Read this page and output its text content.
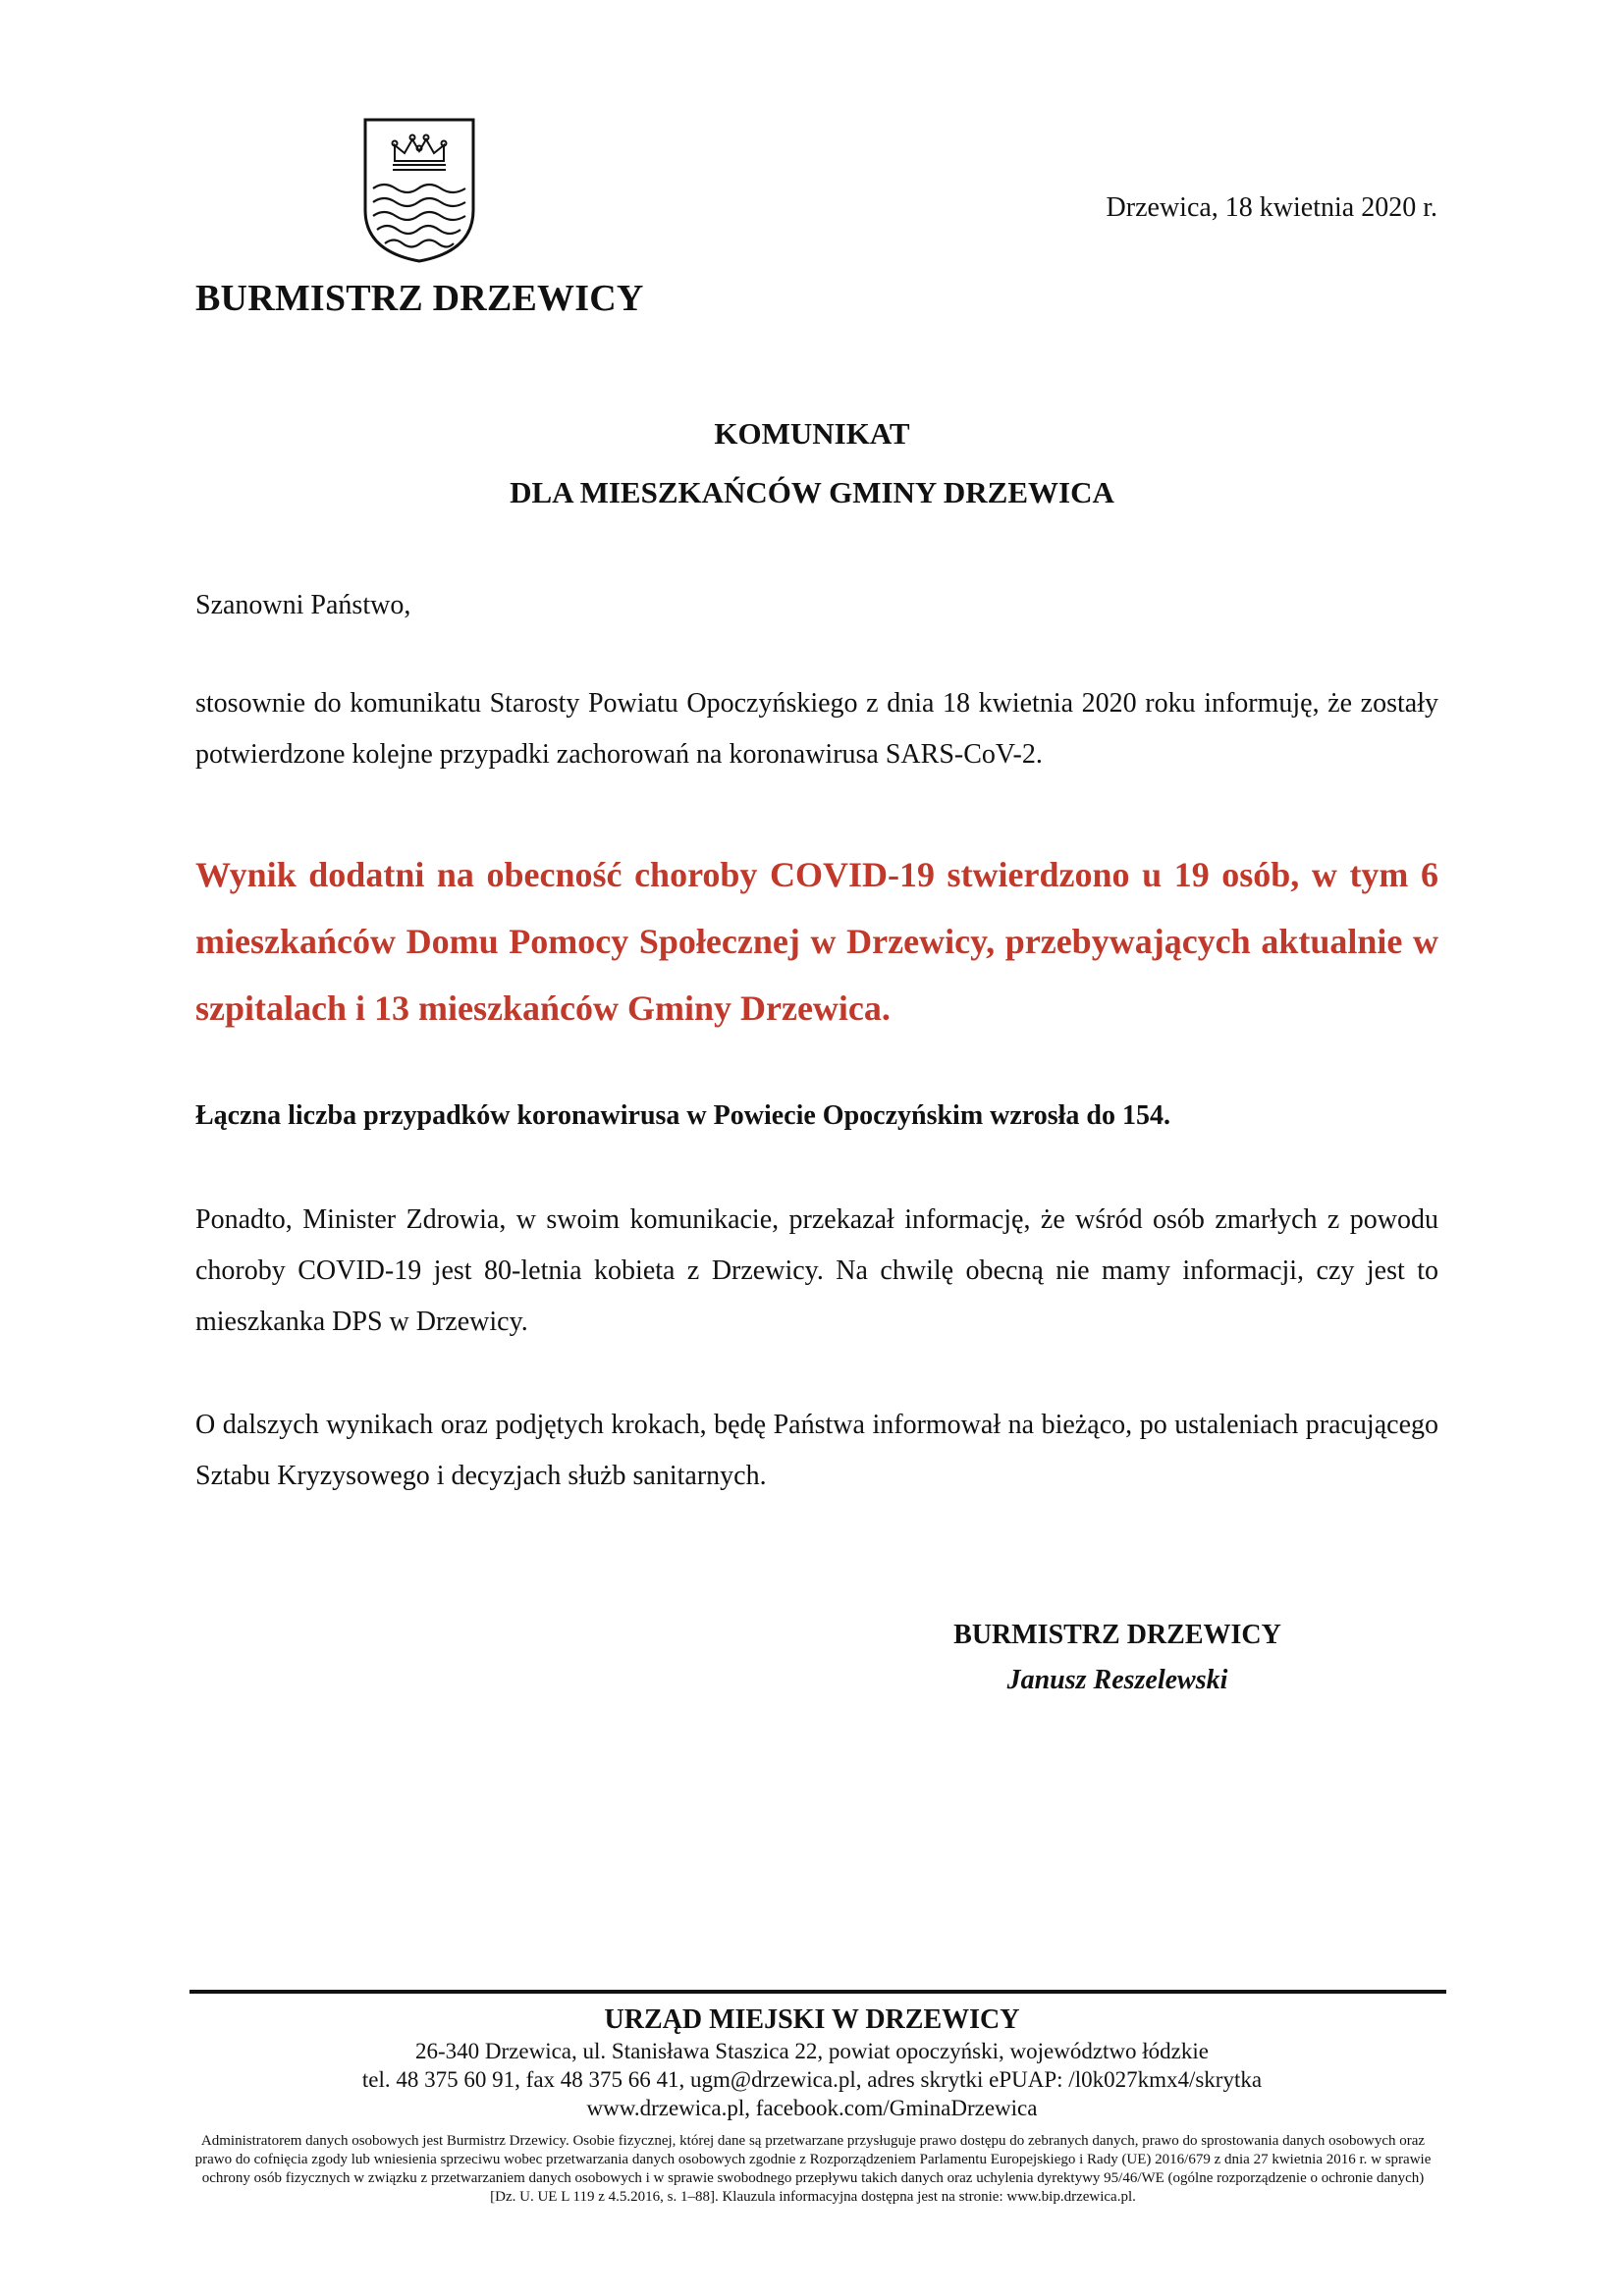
Drzewica, 18 kwietnia 2020 r.
BURMISTRZ DRZEWICY
KOMUNIKAT
DLA MIESZKAŃCÓW GMINY DRZEWICA
Szanowni Państwo,
stosownie do komunikatu Starosty Powiatu Opoczyńskiego z dnia 18 kwietnia 2020 roku informuję, że zostały potwierdzone kolejne przypadki zachorowań na koronawirusa SARS-CoV-2.
Wynik dodatni na obecność choroby COVID-19 stwierdzono u 19 osób, w tym 6 mieszkańców Domu Pomocy Społecznej w Drzewicy, przebywających aktualnie w szpitalach i 13 mieszkańców Gminy Drzewica.
Łączna liczba przypadków koronawirusa w Powiecie Opoczyńskim wzrosła do 154.
Ponadto, Minister Zdrowia, w swoim komunikacie, przekazał informację, że wśród osób zmarłych z powodu choroby COVID-19 jest 80-letnia kobieta z Drzewicy. Na chwilę obecną nie mamy informacji, czy jest to mieszkanka DPS w Drzewicy.
O dalszych wynikach oraz podjętych krokach, będę Państwa informował na bieżąco, po ustaleniach pracującego Sztabu Kryzysowego i decyzjach służb sanitarnych.
BURMISTRZ DRZEWICY
Janusz Reszelewski
URZĄD MIEJSKI W DRZEWICY
26-340 Drzewica, ul. Stanisława Staszica 22, powiat opoczyński, województwo łódzkie
tel. 48 375 60 91, fax 48 375 66 41, ugm@drzewica.pl, adres skrytki ePUAP: /l0k027kmx4/skrytka
www.drzewica.pl, facebook.com/GminaDrzewica
Administratorem danych osobowych jest Burmistrz Drzewicy. Osobie fizycznej, której dane są przetwarzane przysługuje prawo dostępu do zebranych danych, prawo do sprostowania danych osobowych oraz prawo do cofnięcia zgody lub wniesienia sprzeciwu wobec przetwarzania danych osobowych zgodnie z Rozporządzeniem Parlamentu Europejskiego i Rady (UE) 2016/679 z dnia 27 kwietnia 2016 r. w sprawie ochrony osób fizycznych w związku z przetwarzaniem danych osobowych i w sprawie swobodnego przepływu takich danych oraz uchylenia dyrektywy 95/46/WE (ogólne rozporządzenie o ochronie danych) [Dz. U. UE L 119 z 4.5.2016, s. 1–88]. Klauzula informacyjna dostępna jest na stronie: www.bip.drzewica.pl.
